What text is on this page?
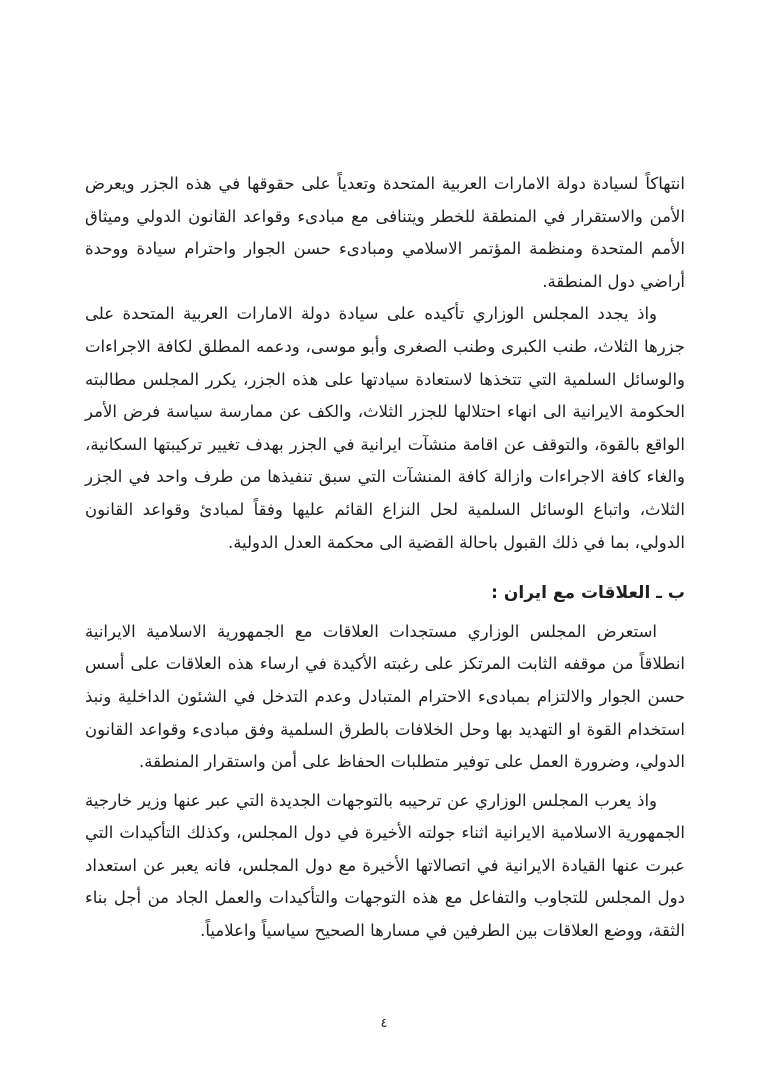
انتهاكاً لسيادة دولة الامارات العربية المتحدة وتعدياً على حقوقها في هذه الجزر ويعرض الأمن والاستقرار في المنطقة للخطر ويتنافى مع مبادىء وقواعد القانون الدولي وميثاق الأمم المتحدة ومنظمة المؤتمر الاسلامي ومبادىء حسن الجوار واحترام سيادة ووحدة أراضي دول المنطقة.

واذ يجدد المجلس الوزاري تأكيده على سيادة دولة الامارات العربية المتحدة على جزرها الثلاث، طنب الكبرى وطنب الصغرى وأبو موسى، ودعمه المطلق لكافة الاجراءات والوسائل السلمية التي تتخذها لاستعادة سيادتها على هذه الجزر، يكرر المجلس مطالبته الحكومة الايرانية الى انهاء احتلالها للجزر الثلاث، والكف عن ممارسة سياسة فرض الأمر الواقع بالقوة، والتوقف عن اقامة منشآت ايرانية في الجزر بهدف تغيير تركيبتها السكانية، والغاء كافة الاجراءات وازالة كافة المنشآت التي سبق تنفيذها من طرف واحد في الجزر الثلاث، واتباع الوسائل السلمية لحل النزاع القائم عليها وفقاً لمبادئ وقواعد القانون الدولي، بما في ذلك القبول باحالة القضية الى محكمة العدل الدولية.

ب ـ العلاقات مع ايران :

استعرض المجلس الوزاري مستجدات العلاقات مع الجمهورية الاسلامية الايرانية انطلاقاً من موقفه الثابت المرتكز على رغبته الأكيدة في ارساء هذه العلاقات على أسس حسن الجوار والالتزام بمبادىء الاحترام المتبادل وعدم التدخل في الشئون الداخلية ونبذ استخدام القوة او التهديد بها وحل الخلافات بالطرق السلمية وفق مبادىء وقواعد القانون الدولي، وضرورة العمل على توفير متطلبات الحفاظ على أمن واستقرار المنطقة.

واذ يعرب المجلس الوزاري عن ترحيبه بالتوجهات الجديدة التي عبر عنها وزير خارجية الجمهورية الاسلامية الايرانية اثناء جولته الأخيرة في دول المجلس، وكذلك التأكيدات التي عبرت عنها القيادة الايرانية في اتصالاتها الأخيرة مع دول المجلس، فانه يعبر عن استعداد دول المجلس للتجاوب والتفاعل مع هذه التوجهات والتأكيدات والعمل الجاد من أجل بناء الثقة، ووضع العلاقات بين الطرفين في مسارها الصحيح سياسياً واعلامياً.

٤
